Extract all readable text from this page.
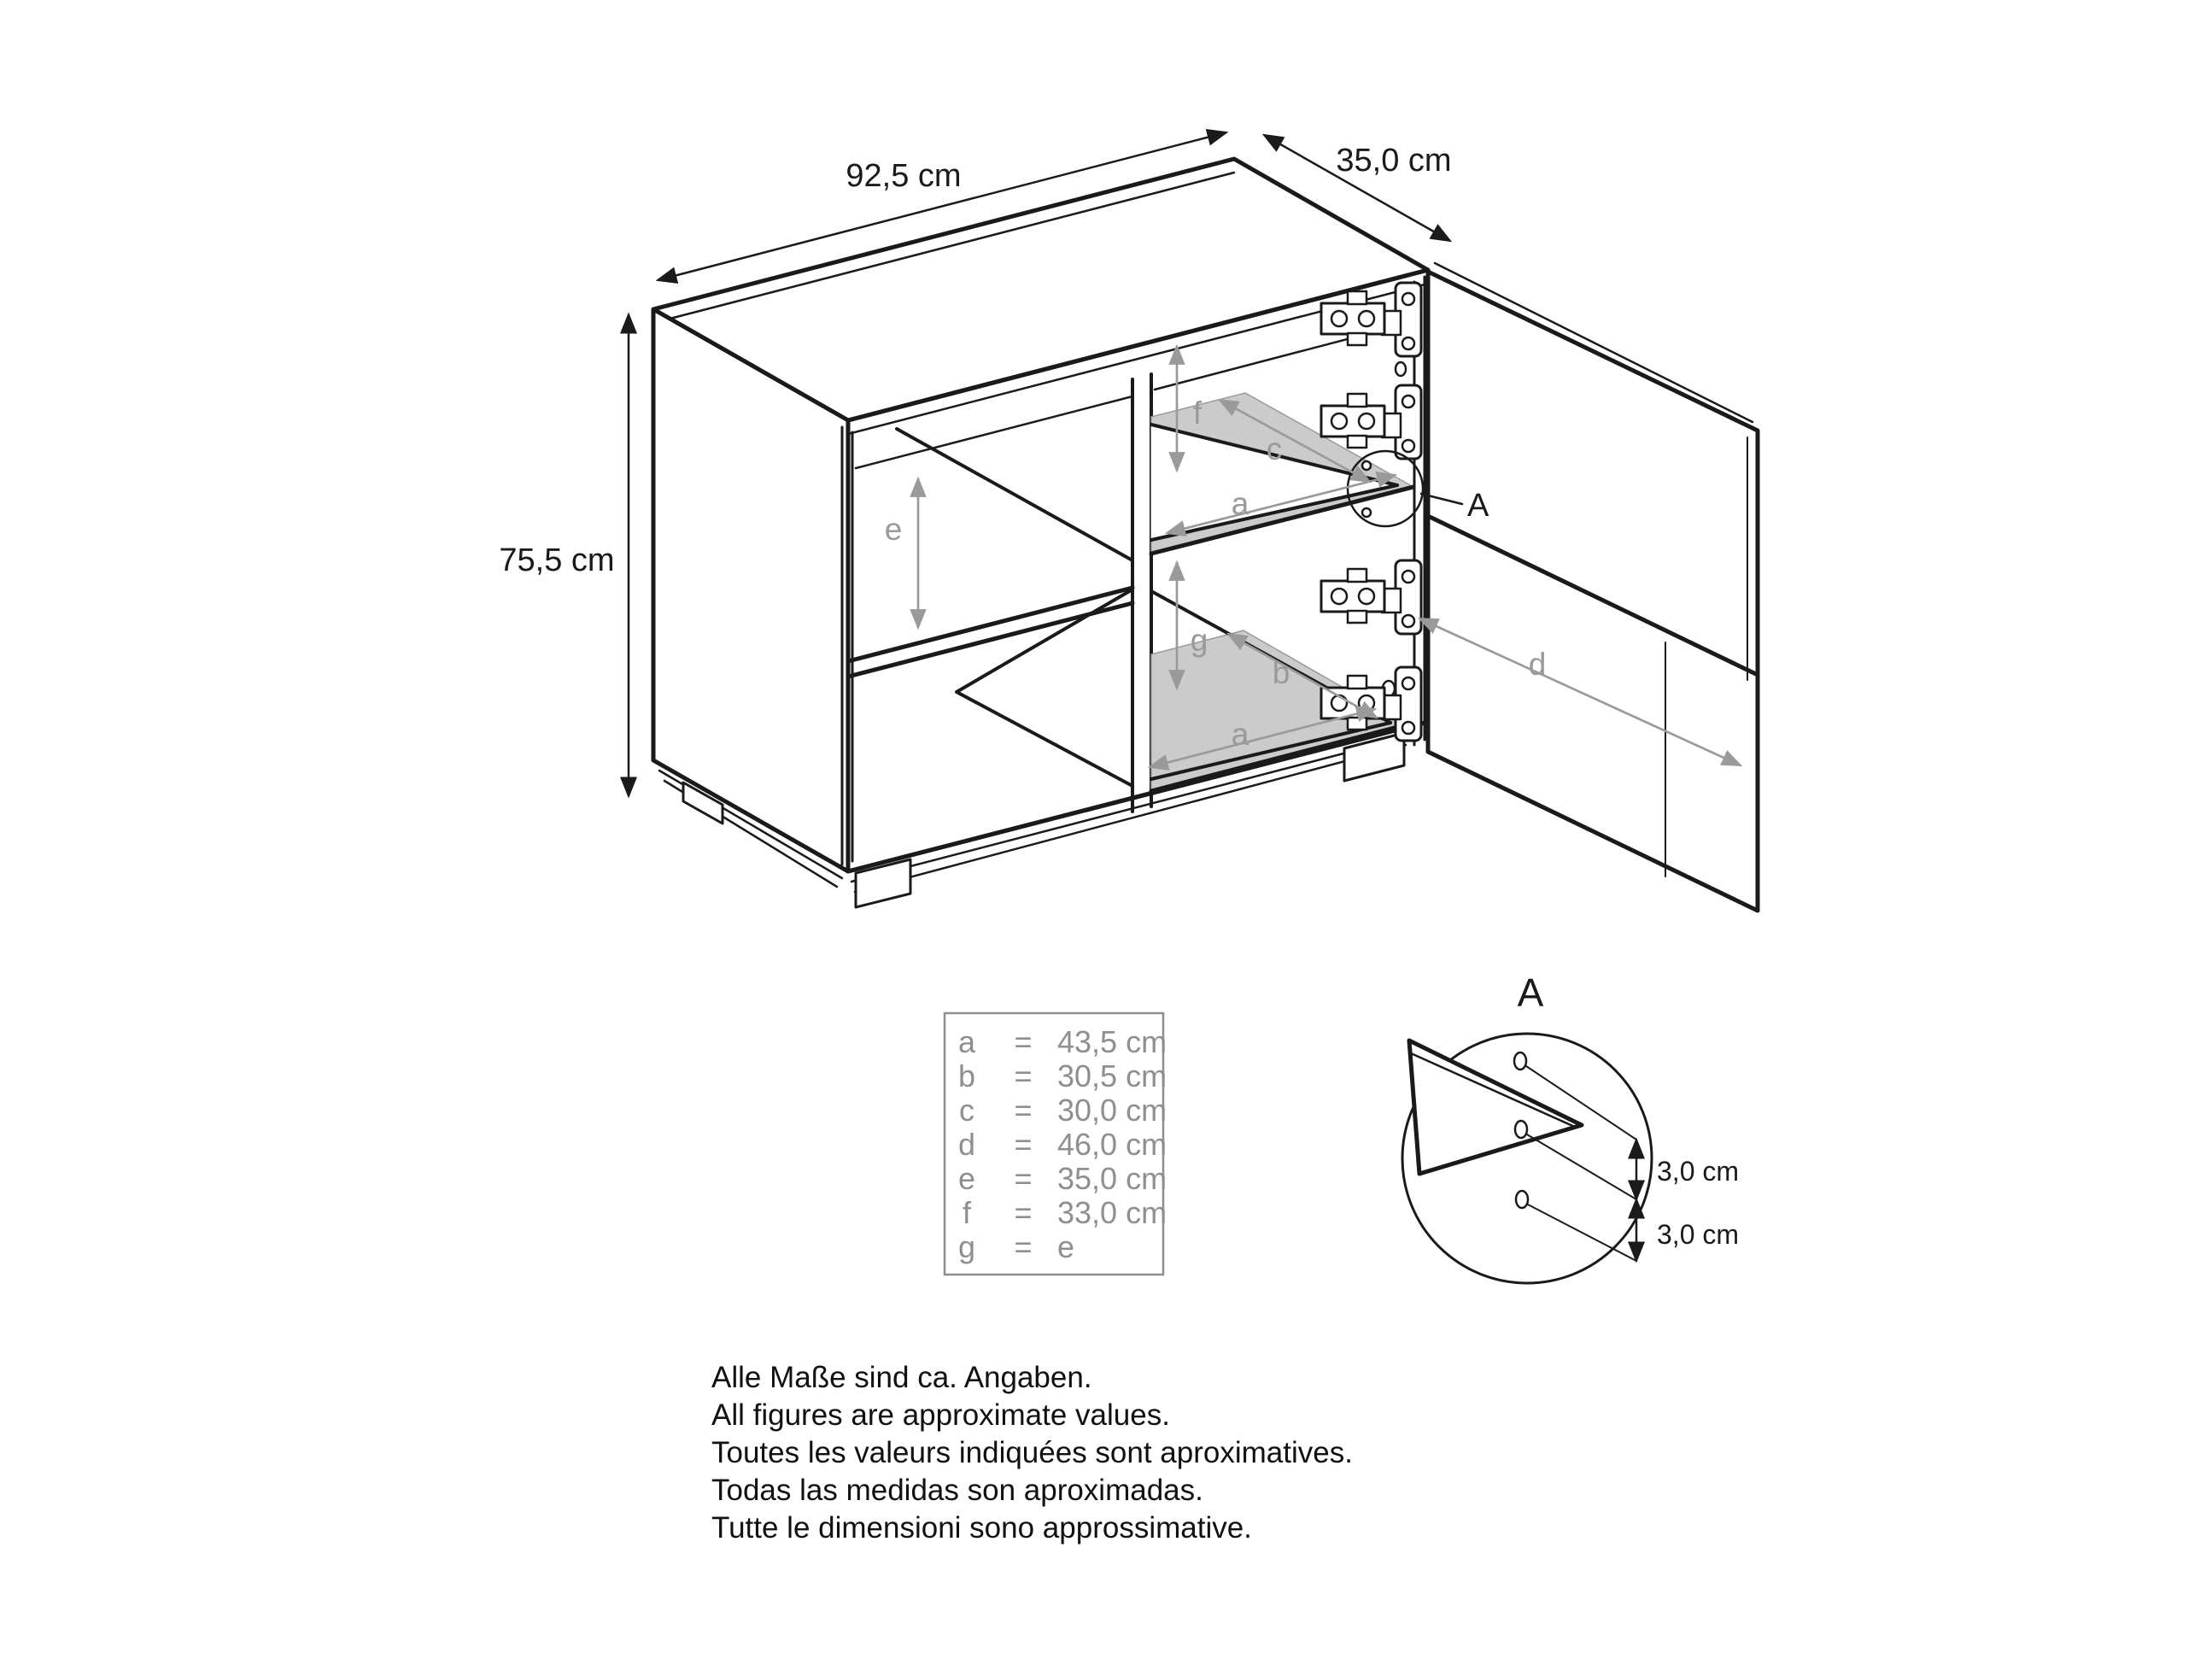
A
e
f
c
a
g
b
a
d
92,5 cm	35,0 cm
75,5 cm
a = 43,5 cm
b = 30,5 cm
c = 30,0 cm
d = 46,0 cm
e = 35,0 cm
f = 33,0 cm
g = e
A
3,0 cm
3,0 cm
Alle Maße sind ca. Angaben.
All figures are approximate values.
Toutes les valeurs indiquées sont aproximatives.
Todas las medidas son aproximadas.
Tutte le dimensioni sono approssimative.
